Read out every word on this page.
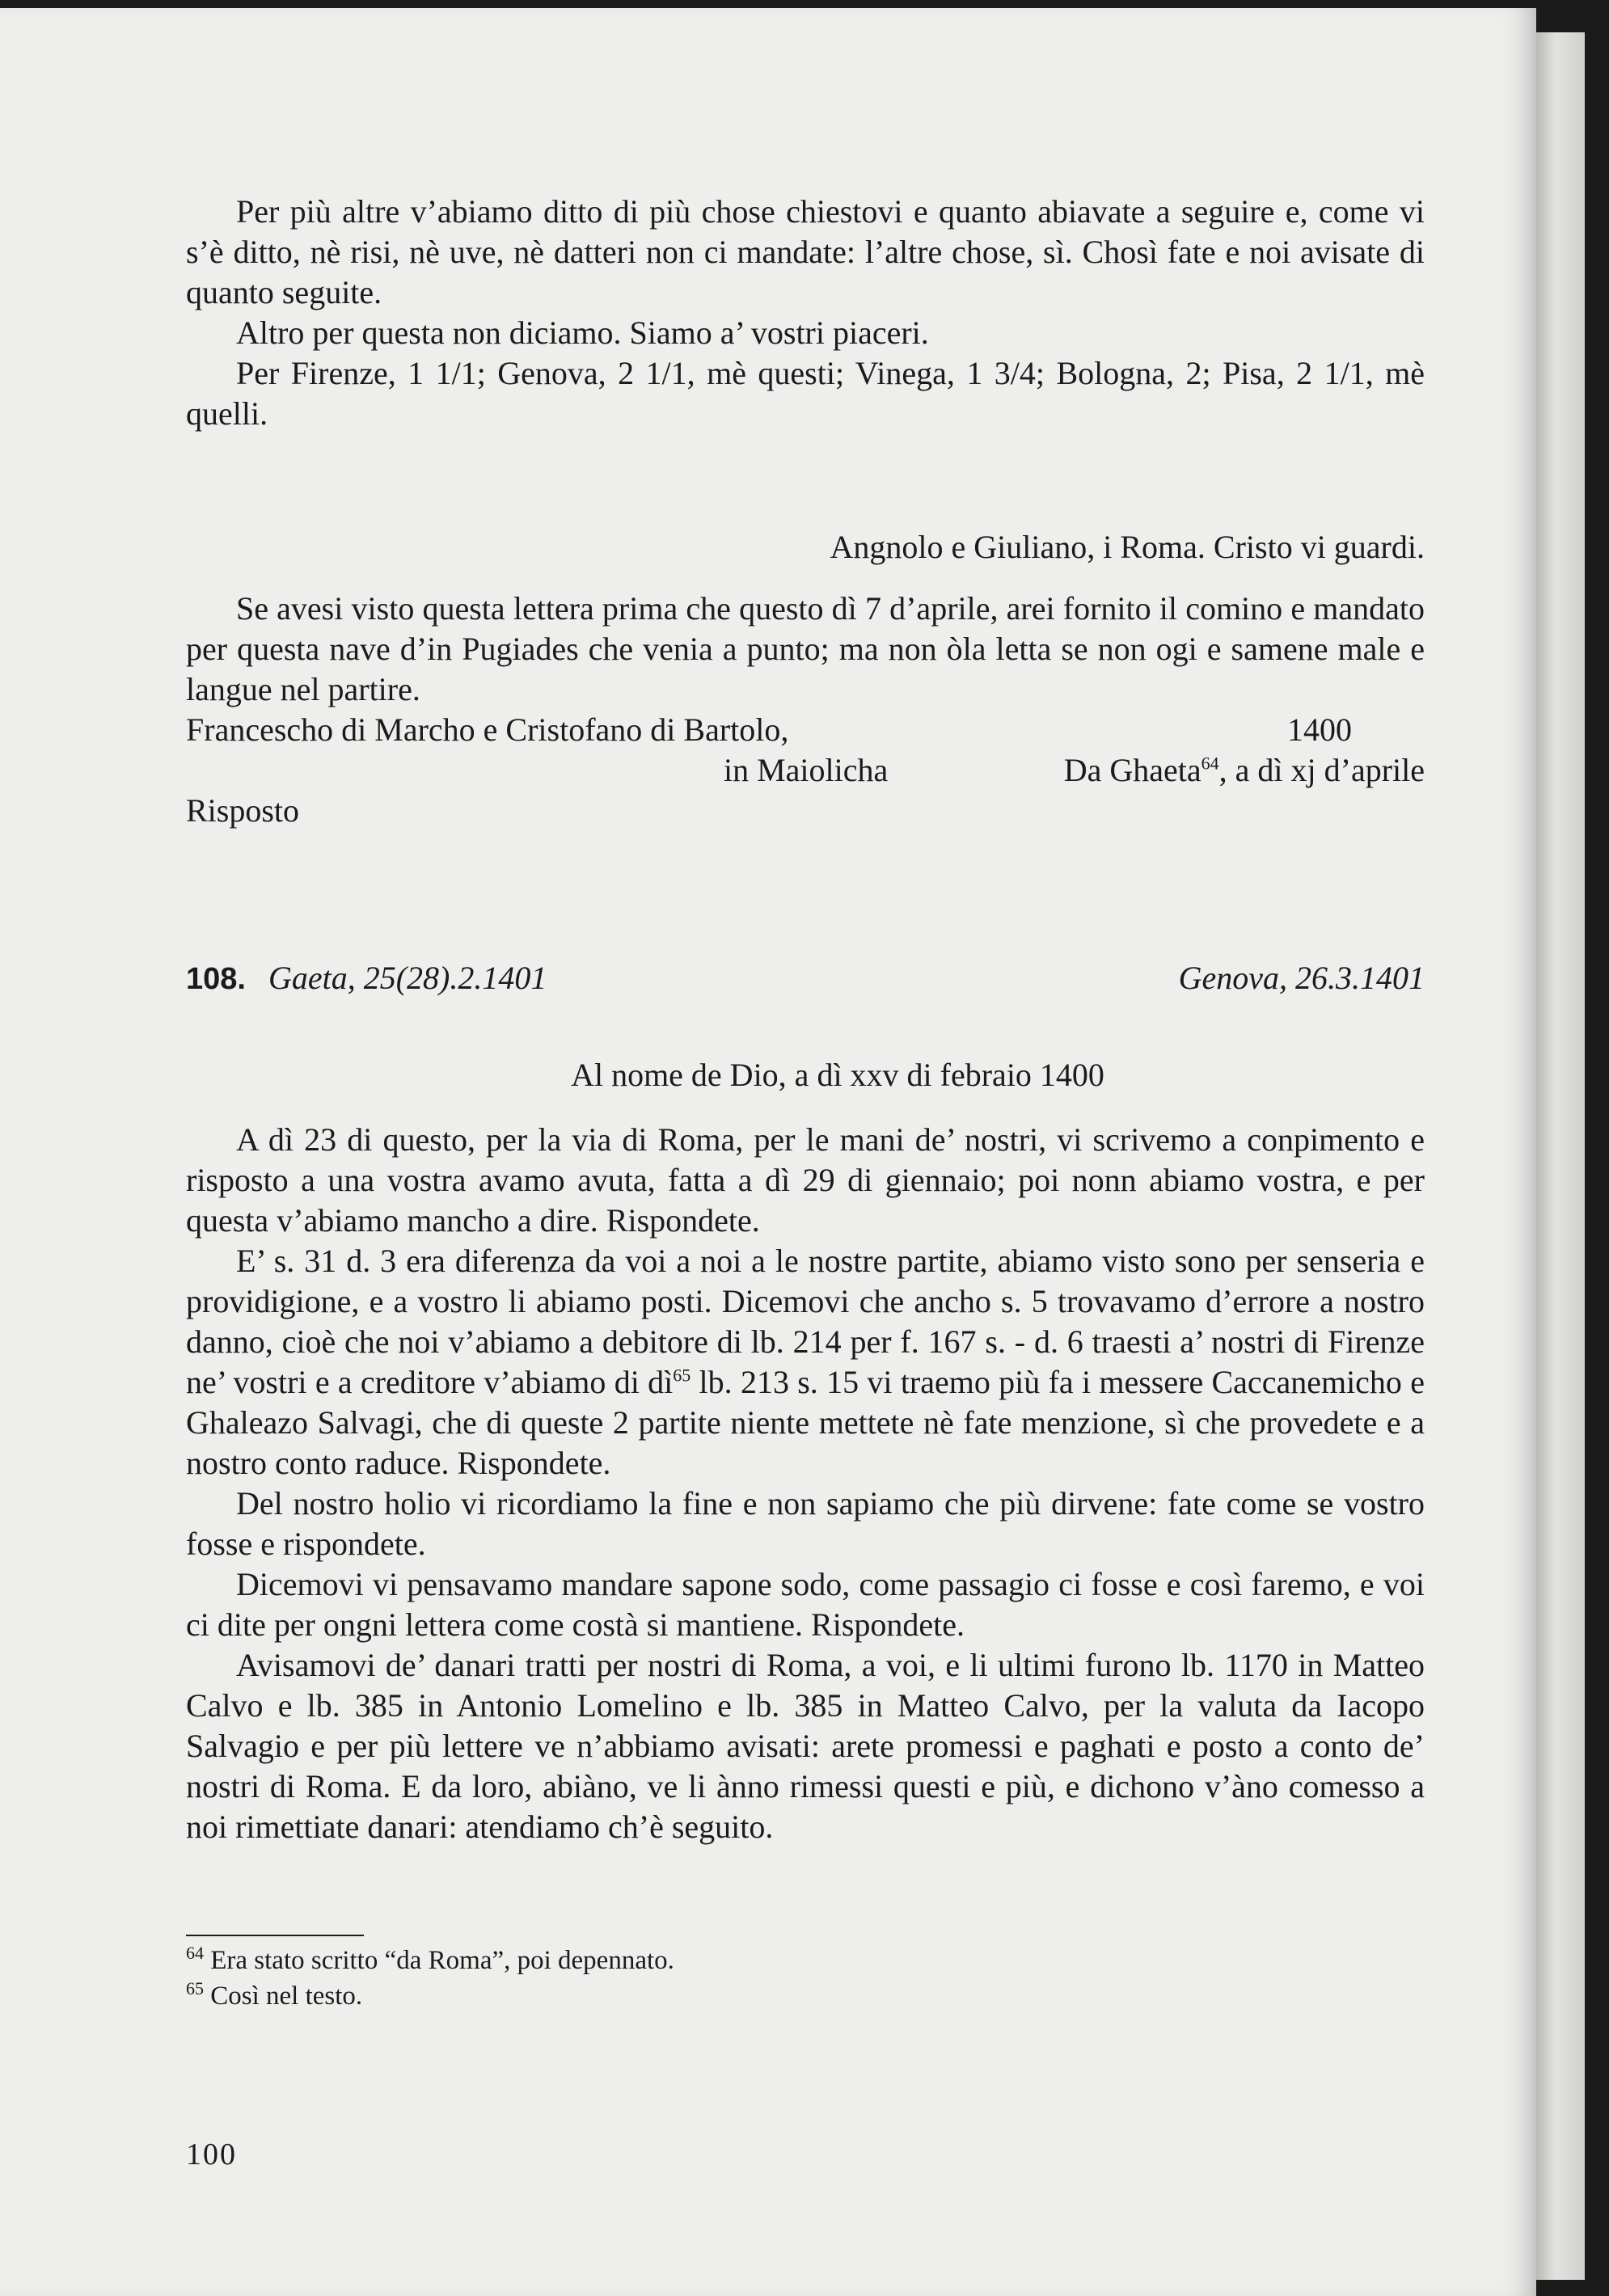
Per più altre v’abiamo ditto di più chose chiestovi e quanto abiavate a seguire e, come vi s’è ditto, nè risi, nè uve, nè datteri non ci mandate: l’altre chose, sì. Chosì fate e noi avisate di quanto seguite.

Altro per questa non diciamo. Siamo a’ vostri piaceri.

Per Firenze, 1 1/1; Genova, 2 1/1, mè questi; Vinega, 1 3/4; Bologna, 2; Pisa, 2 1/1, mè quelli.

Angnolo e Giuliano, i Roma. Cristo vi guardi.

Se avesi visto questa lettera prima che questo dì 7 d’aprile, arei fornito il comino e mandato per questa nave d’in Pugiades che venia a punto; ma non òla letta se non ogi e samene male e langue nel partire.

Francescho di Marcho e Cristofano di Bartolo,	1400
in Maiolicha	Da Ghaeta$^{64}$, a dì xj d’aprile
Risposto
108. Gaeta, 25(28).2.1401	Genova, 26.3.1401
Al nome de Dio, a dì xxv di febraio 1400

A dì 23 di questo, per la via di Roma, per le mani de’ nostri, vi scrivemo a conpimento e risposto a una vostra avamo avuta, fatta a dì 29 di giennaio; poi nonn abiamo vostra, e per questa v’abiamo mancho a dire. Rispondete.

E’ s. 31 d. 3 era diferenza da voi a noi a le nostre partite, abiamo visto sono per senseria e providigione, e a vostro li abiamo posti. Dicemovi che ancho s. 5 trovavamo d’errore a nostro danno, cioè che noi v’abiamo a debitore di lb. 214 per f. 167 s. - d. 6 traesti a’ nostri di Firenze ne’ vostri e a creditore v’abiamo di $dì^{65}$ lb. 213 s. 15 vi traemo più fa i messere Caccanemicho e Ghaleazo Salvagi, che di queste 2 partite niente mettete nè fate menzione, sì che provedete e a nostro conto raduce. Rispondete.

Del nostro holio vi ricordiamo la fine e non sapiamo che più dirvene: fate come se vostro fosse e rispondete.

Dicemovi vi pensavamo mandare sapone sodo, come passagio ci fosse e così faremo, e voi ci dite per ongni lettera come costà si mantiene. Rispondete.

Avisamovi de’ danari tratti per nostri di Roma, a voi, e li ultimi furono lb. 1170 in Matteo Calvo e lb. 385 in Antonio Lomelino e lb. 385 in Matteo Calvo, per la valuta da Iacopo Salvagio e per più lettere ve n’abbiamo avisati: arete promessi e paghati e posto a conto de’ nostri di Roma. E da loro, abiàno, ve li ànno rimessi questi e più, e dichono v’àno comesso a noi rimettiate danari: atendiamo ch’è seguito.

$^{64}$ Era stato scritto “da Roma”, poi depennato.
$^{65}$ Così nel testo.
100
